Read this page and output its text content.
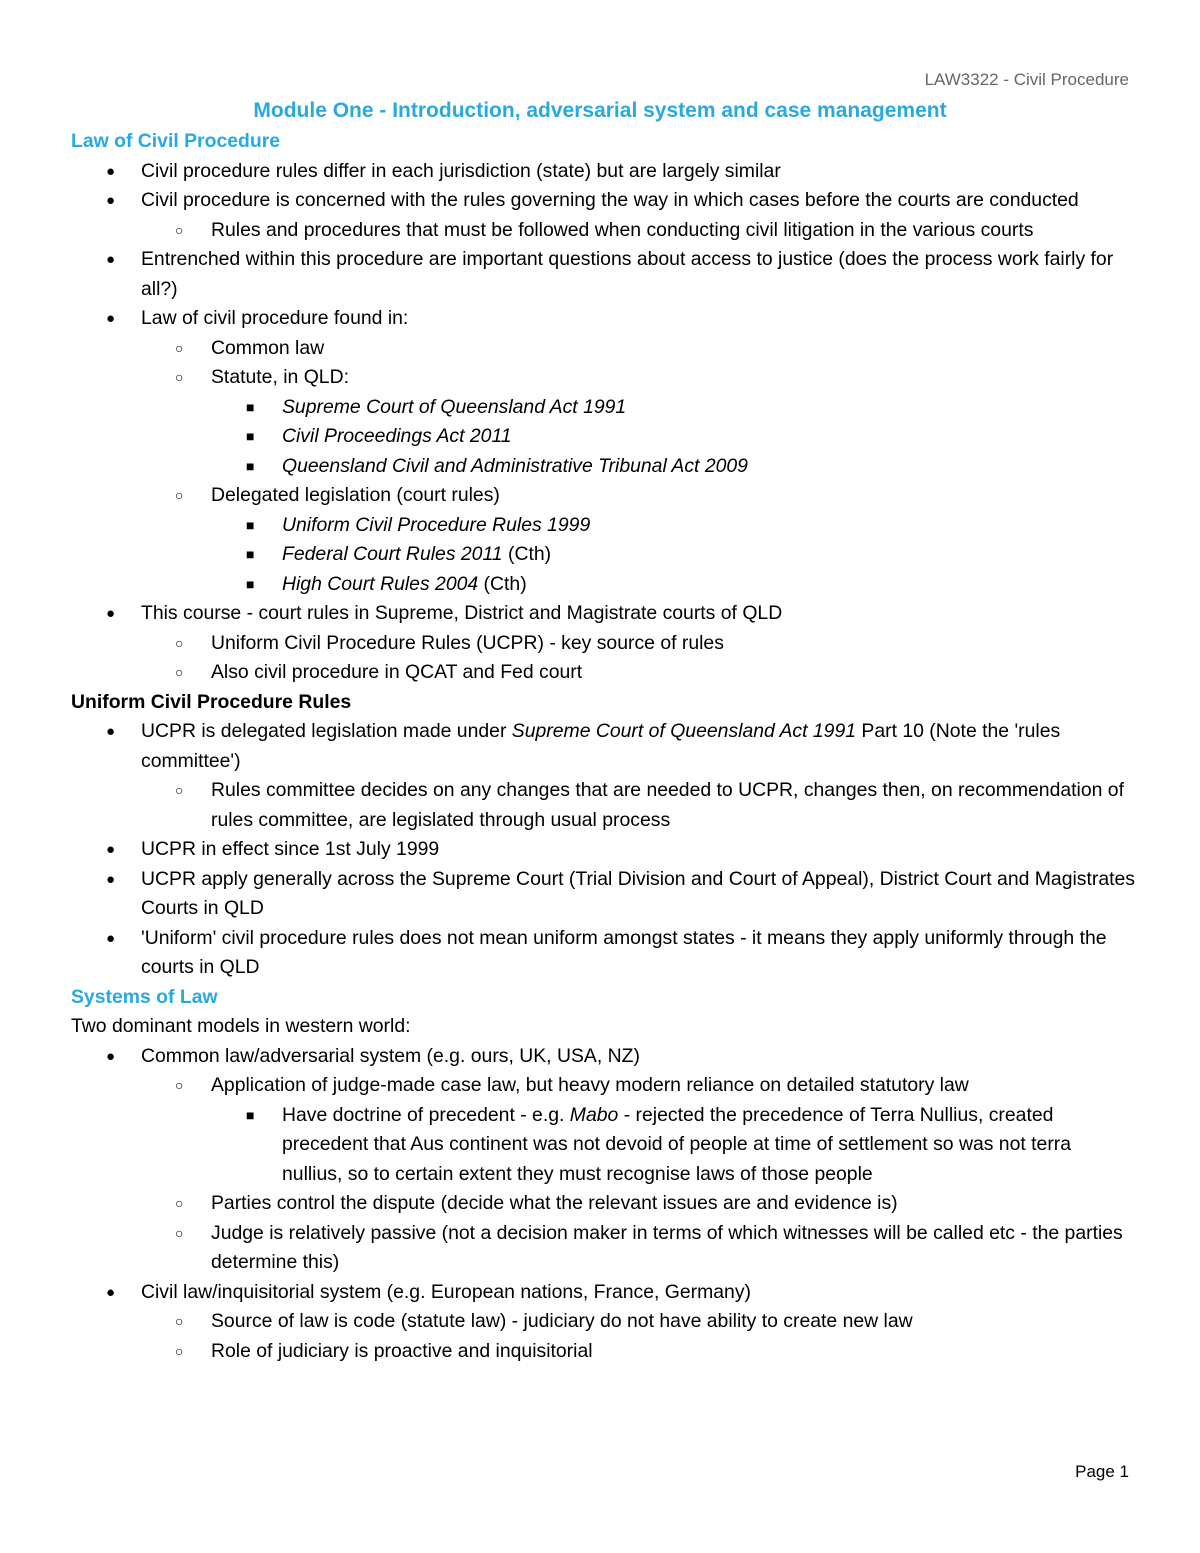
LAW3322 - Civil Procedure
Module One - Introduction, adversarial system and case management
Law of Civil Procedure
● Civil procedure rules differ in each jurisdiction (state) but are largely similar
● Civil procedure is concerned with the rules governing the way in which cases before the courts are conducted
○ Rules and procedures that must be followed when conducting civil litigation in the various courts
● Entrenched within this procedure are important questions about access to justice (does the process work fairly for all?)
● Law of civil procedure found in:
○ Common law
○ Statute, in QLD:
■ Supreme Court of Queensland Act 1991
■ Civil Proceedings Act 2011
■ Queensland Civil and Administrative Tribunal Act 2009
○ Delegated legislation (court rules)
■ Uniform Civil Procedure Rules 1999
■ Federal Court Rules 2011 (Cth)
■ High Court Rules 2004 (Cth)
● This course - court rules in Supreme, District and Magistrate courts of QLD
○ Uniform Civil Procedure Rules (UCPR) - key source of rules
○ Also civil procedure in QCAT and Fed court
Uniform Civil Procedure Rules
● UCPR is delegated legislation made under Supreme Court of Queensland Act 1991 Part 10 (Note the 'rules committee')
○ Rules committee decides on any changes that are needed to UCPR, changes then, on recommendation of rules committee, are legislated through usual process
● UCPR in effect since 1st July 1999
● UCPR apply generally across the Supreme Court (Trial Division and Court of Appeal), District Court and Magistrates Courts in QLD
● 'Uniform' civil procedure rules does not mean uniform amongst states - it means they apply uniformly through the courts in QLD
Systems of Law
Two dominant models in western world:
● Common law/adversarial system (e.g. ours, UK, USA, NZ)
○ Application of judge-made case law, but heavy modern reliance on detailed statutory law
■ Have doctrine of precedent - e.g. Mabo - rejected the precedence of Terra Nullius, created precedent that Aus continent was not devoid of people at time of settlement so was not terra nullius, so to certain extent they must recognise laws of those people
○ Parties control the dispute (decide what the relevant issues are and evidence is)
○ Judge is relatively passive (not a decision maker in terms of which witnesses will be called etc - the parties determine this)
● Civil law/inquisitorial system (e.g. European nations, France, Germany)
○ Source of law is code (statute law) - judiciary do not have ability to create new law
○ Role of judiciary is proactive and inquisitorial
Page 1
